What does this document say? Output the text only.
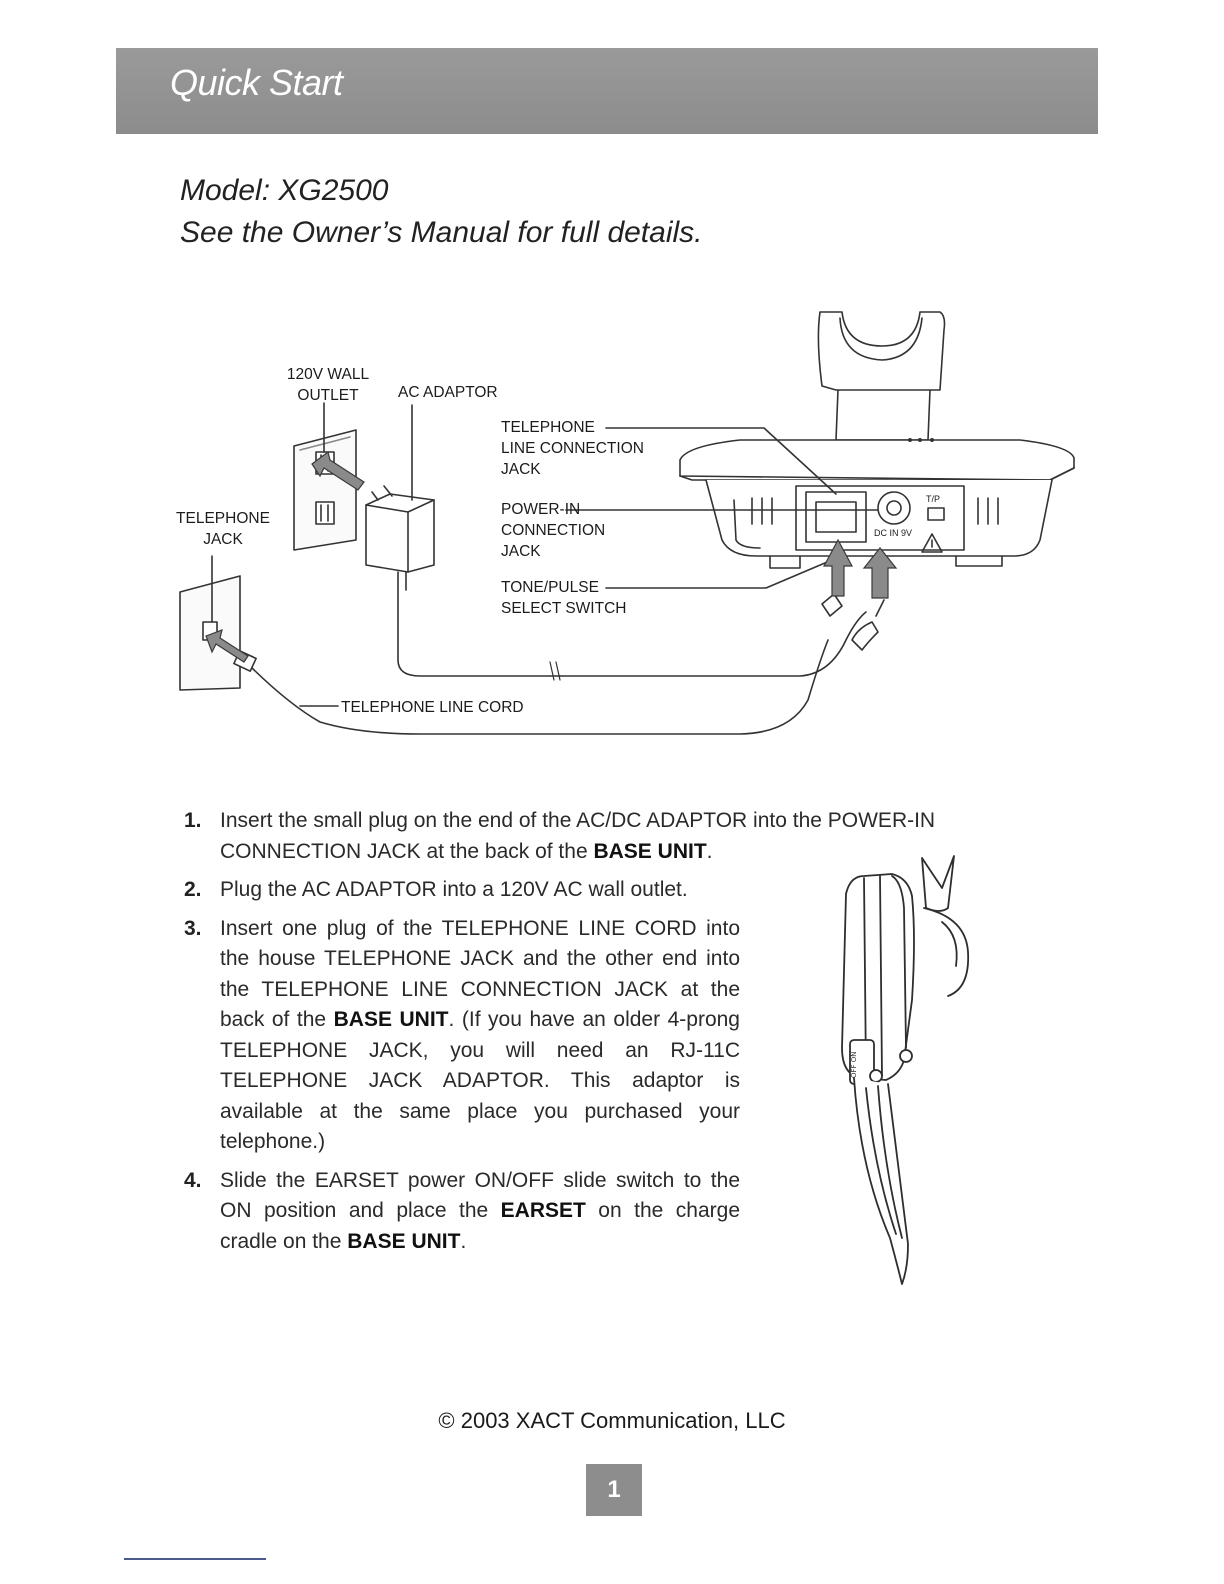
Quick Start
Model: XG2500
See the Owner’s Manual for full details.
120V WALL
OUTLET	AC ADAPTOR
TELEPHONE
JACK
TELEPHONE
LINE CONNECTION
JACK
POWER-IN
CONNECTION
JACK
TONE/PULSE
SELECT SWITCH
TELEPHONE LINE CORD
T/P
DC IN 9V
OFF ON
1. Insert the small plug on the end of the AC/DC ADAPTOR into the POWER-IN CONNECTION JACK at the back of the BASE UNIT.
2. Plug the AC ADAPTOR into a 120V AC wall outlet.
3. Insert one plug of the TELEPHONE LINE CORD into the house TELEPHONE JACK and the other end into the TELEPHONE LINE CONNECTION JACK at the back of the BASE UNIT. (If you have an older 4-prong TELEPHONE JACK, you will need an RJ-11C TELEPHONE JACK ADAPTOR. This adaptor is available at the same place you purchased your telephone.)
4. Slide the EARSET power ON/OFF slide switch to the ON position and place the EARSET on the charge cradle on the BASE UNIT.
© 2003 XACT Communication, LLC
1
